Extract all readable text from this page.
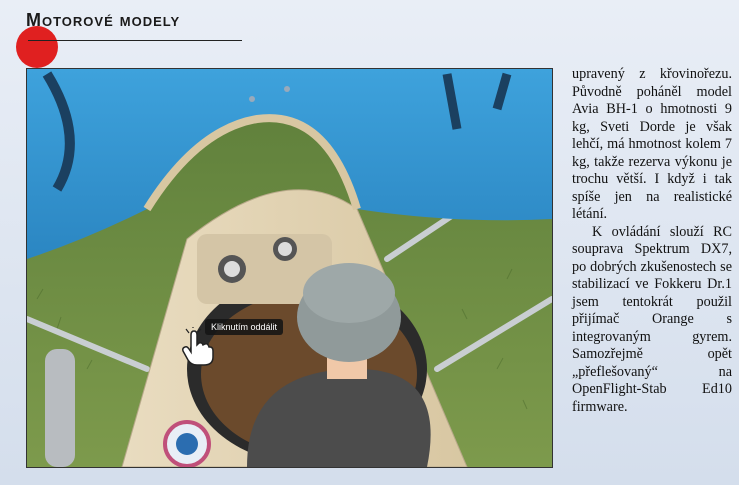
Motorové modely
Kliknutím oddálit

upravený z křovinořezu. Původně poháněl model Avia BH-1 o hmotnosti 9 kg, Sveti Dorde je však lehčí, má hmotnost kolem 7 kg, takže rezerva výkonu je trochu větší. I když i tak spíše jen na realistické létání.

K ovládání slouží RC souprava Spektrum DX7, po dobrých zkušenostech se stabilizací ve Fokkeru Dr.1 jsem tentokrát použil přijímač Orange s integrovaným gyrem. Samozřejmě opět „přeflešovaný“ na OpenFlight-Stab Ed10 firmware.
